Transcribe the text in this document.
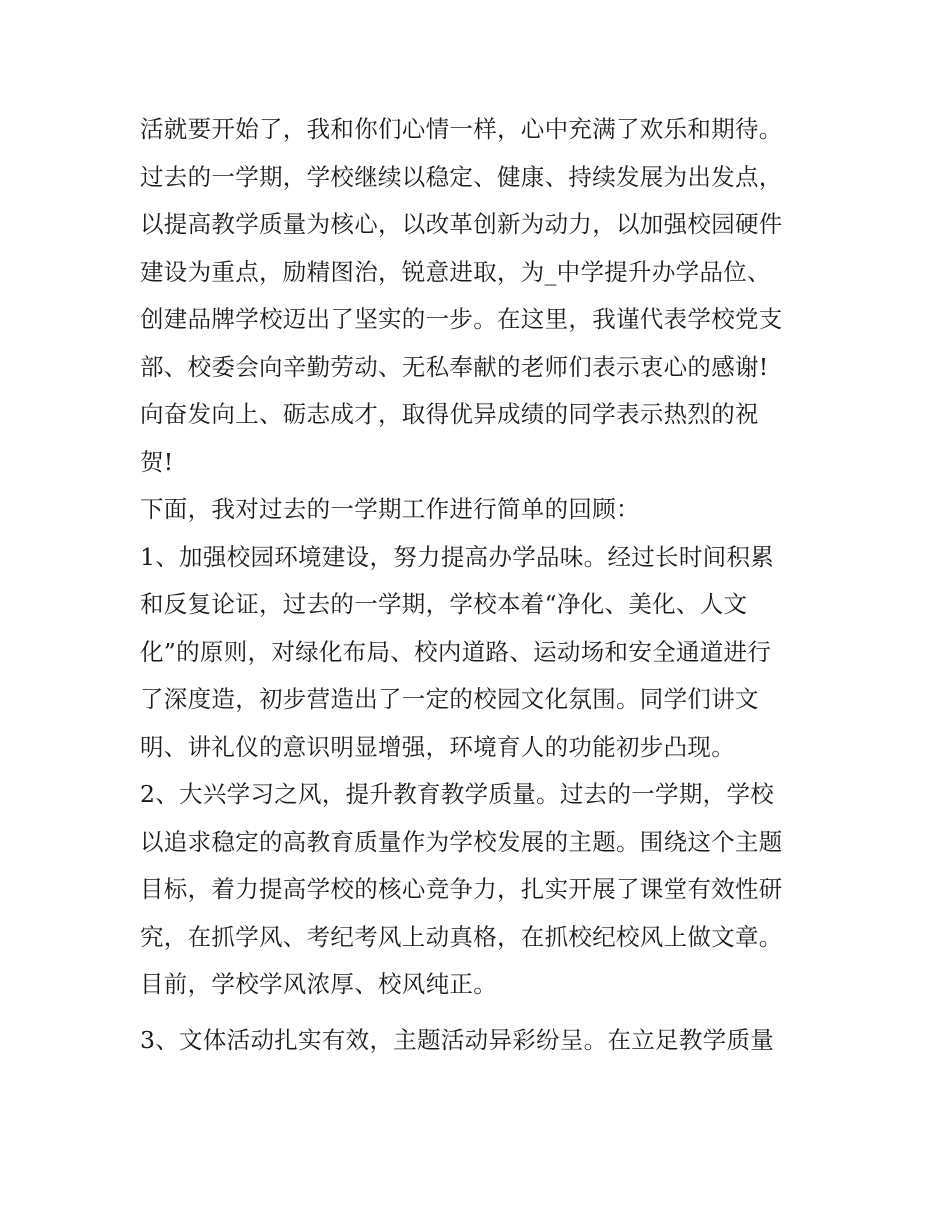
活就要开始了，我和你们心情一样，心中充满了欢乐和期待。
过去的一学期，学校继续以稳定、健康、持续发展为出发点，
以提高教学质量为核心，以改革创新为动力，以加强校园硬件
建设为重点，励精图治，锐意进取，为_中学提升办学品位、
创建品牌学校迈出了坚实的一步。在这里，我谨代表学校党支
部、校委会向辛勤劳动、无私奉献的老师们表示衷心的感谢!
向奋发向上、砺志成才，取得优异成绩的同学表示热烈的祝
贺!
下面，我对过去的一学期工作进行简单的回顾：
1、加强校园环境建设，努力提高办学品味。经过长时间积累
和反复论证，过去的一学期，学校本着“净化、美化、人文
化”的原则，对绿化布局、校内道路、运动场和安全通道进行
了深度造，初步营造出了一定的校园文化氛围。同学们讲文
明、讲礼仪的意识明显增强，环境育人的功能初步凸现。
2、大兴学习之风，提升教育教学质量。过去的一学期，学校
以追求稳定的高教育质量作为学校发展的主题。围绕这个主题
目标，着力提高学校的核心竞争力，扎实开展了课堂有效性研
究，在抓学风、考纪考风上动真格，在抓校纪校风上做文章。
目前，学校学风浓厚、校风纯正。
3、文体活动扎实有效，主题活动异彩纷呈。在立足教学质量
